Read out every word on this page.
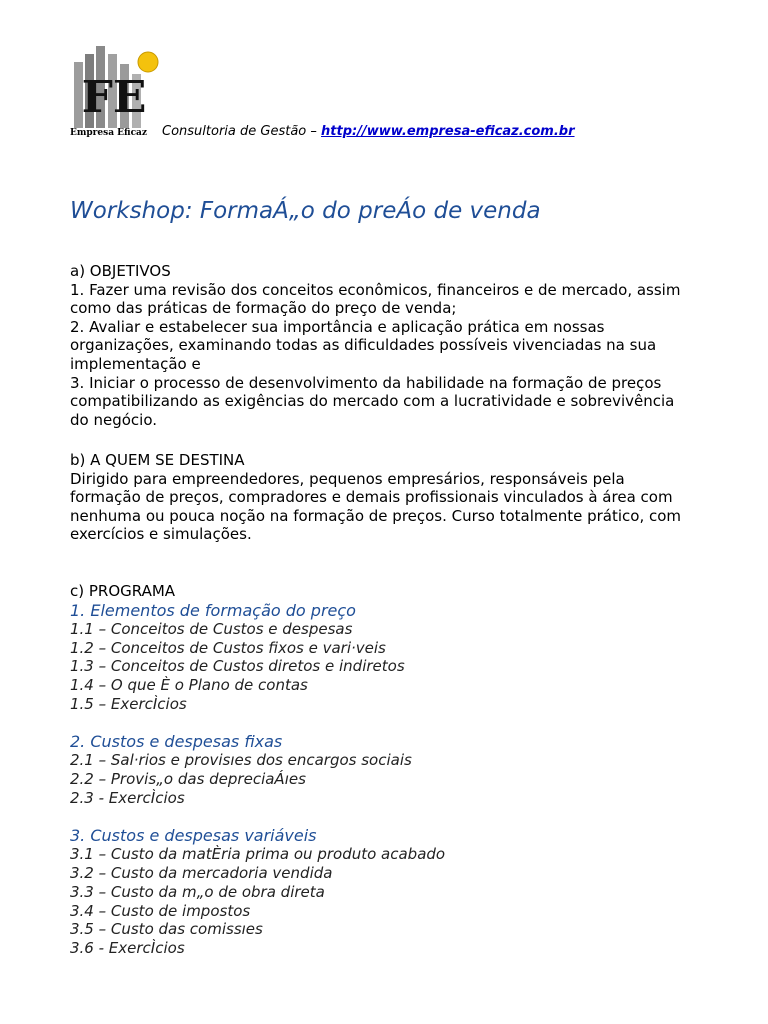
FE
Empresa Eficaz Consultoria de Gestão – http://www.empresa-eficaz.com.br
Workshop: FormaÁ„o do preÁo de venda

a) OBJETIVOS

1. Fazer uma revisão dos conceitos econômicos, financeiros e de mercado, assim

como das práticas de formação do preço de venda;

2. Avaliar e estabelecer sua importância e aplicação prática em nossas

organizações, examinando todas as dificuldades possíveis vivenciadas na sua

implementação e

3. Iniciar o processo de desenvolvimento da habilidade na formação de preços

compatibilizando as exigências do mercado com a lucratividade e sobrevivência

do negócio.

b) A QUEM SE DESTINA

Dirigido para empreendedores, pequenos empresários, responsáveis pela

formação de preços, compradores e demais profissionais vinculados à área com

nenhuma ou pouca noção na formação de preços. Curso totalmente prático, com

exercícios e simulações.

c) PROGRAMA
1. Elementos de formação do preço
1.1 – Conceitos de Custos e despesas
1.2 – Conceitos de Custos fixos e vari·veis
1.3 – Conceitos de Custos diretos e indiretos
1.4 – O que È o Plano de contas
1.5 – ExercÌcios
2. Custos e despesas fixas
2.1 – Sal·rios e provisıes dos encargos sociais
2.2 – Provis„o das depreciaÁıes
2.3 - ExercÌcios
3. Custos e despesas variáveis
3.1 – Custo da matÈria prima ou produto acabado
3.2 – Custo da mercadoria vendida
3.3 – Custo da m„o de obra direta
3.4 – Custo de impostos
3.5 – Custo das comissıes
3.6 - ExercÌcios
